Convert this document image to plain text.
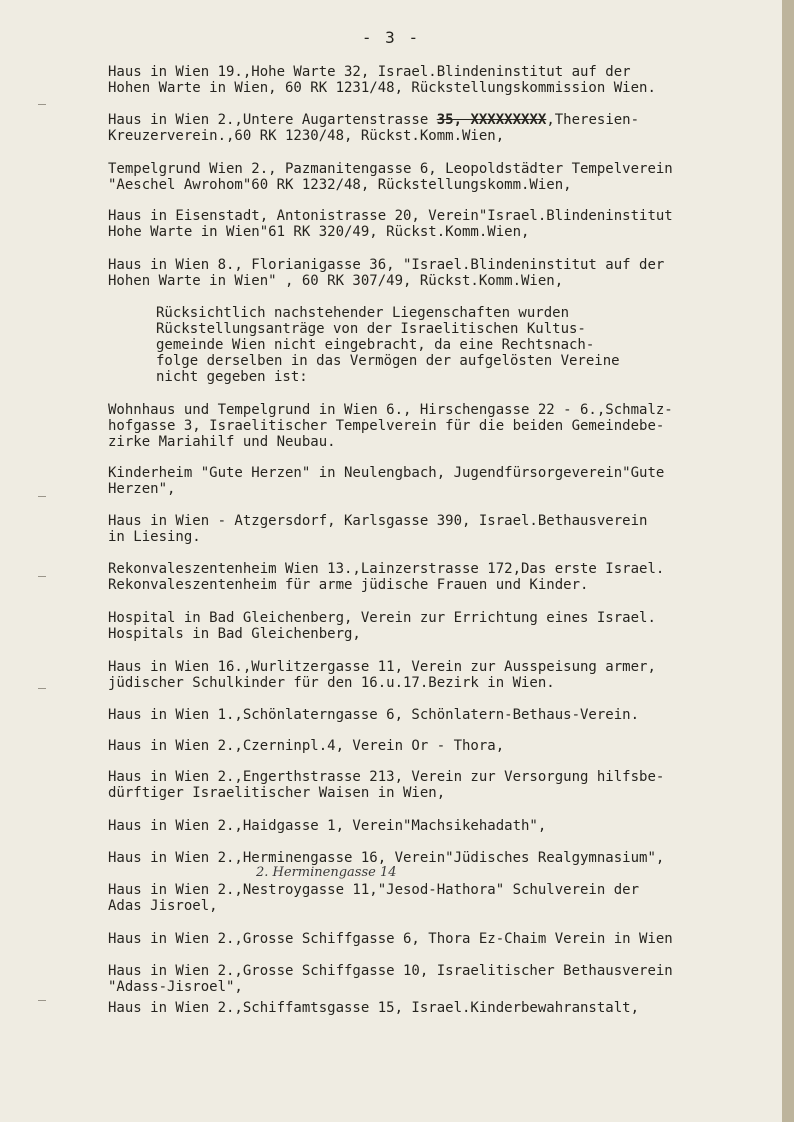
- 3 -

Haus in Wien 19.,Hohe Warte 32, Israel.Blindeninstitut auf der
Hohen Warte in Wien, 60 RK 1231/48, Rückstellungskommission Wien.

Haus in Wien 2.,Untere Augartenstrasse 35, XXXXXXXXX,Theresien-
Kreuzerverein.,60 RK 1230/48, Rückst.Komm.Wien,

Tempelgrund Wien 2., Pazmanitengasse 6, Leopoldstädter Tempelverein
"Aeschel Awrohom"60 RK 1232/48, Rückstellungskomm.Wien,

Haus in Eisenstadt, Antonistrasse 20, Verein"Israel.Blindeninstitut
Hohe Warte in Wien"61 RK 320/49, Rückst.Komm.Wien,

Haus in Wien 8., Florianigasse 36, "Israel.Blindeninstitut auf der
Hohen Warte in Wien" , 60 RK 307/49, Rückst.Komm.Wien,

Rücksichtlich nachstehender Liegenschaften wurden
Rückstellungsanträge von der Israelitischen Kultus-
gemeinde Wien nicht eingebracht, da eine Rechtsnach-
folge derselben in das Vermögen der aufgelösten Vereine
nicht gegeben ist:

Wohnhaus und Tempelgrund in Wien 6., Hirschengasse 22 - 6.,Schmalz-
hofgasse 3, Israelitischer Tempelverein für die beiden Gemeindebe-
zirke Mariahilf und Neubau.

Kinderheim "Gute Herzen" in Neulengbach, Jugendfürsorgeverein"Gute
Herzen",

Haus in Wien - Atzgersdorf, Karlsgasse 390, Israel.Bethausverein
in Liesing.

Rekonvaleszentenheim Wien 13.,Lainzerstrasse 172,Das erste Israel.
Rekonvaleszentenheim für arme jüdische Frauen und Kinder.

Hospital in Bad Gleichenberg, Verein zur Errichtung eines Israel.
Hospitals in Bad Gleichenberg,

Haus in Wien 16.,Wurlitzergasse 11, Verein zur Ausspeisung armer,
jüdischer Schulkinder für den 16.u.17.Bezirk in Wien.

Haus in Wien 1.,Schönlaterngasse 6, Schönlatern-Bethaus-Verein.

Haus in Wien 2.,Czerninpl.4, Verein Or - Thora,

Haus in Wien 2.,Engerthstrasse 213, Verein zur Versorgung hilfsbe-
dürftiger Israelitischer Waisen in Wien,

Haus in Wien 2.,Haidgasse 1, Verein"Machsikehadath",

Haus in Wien 2.,Herminengasse 16, Verein"Jüdisches Realgymnasium",

2. Herminengasse 14

Haus in Wien 2.,Nestroygasse 11,"Jesod-Hathora" Schulverein der
Adas Jisroel,

Haus in Wien 2.,Grosse Schiffgasse 6, Thora Ez-Chaim Verein in Wien

Haus in Wien 2.,Grosse Schiffgasse 10, Israelitischer Bethausverein
"Adass-Jisroel",

Haus in Wien 2.,Schiffamtsgasse 15, Israel.Kinderbewahranstalt,
